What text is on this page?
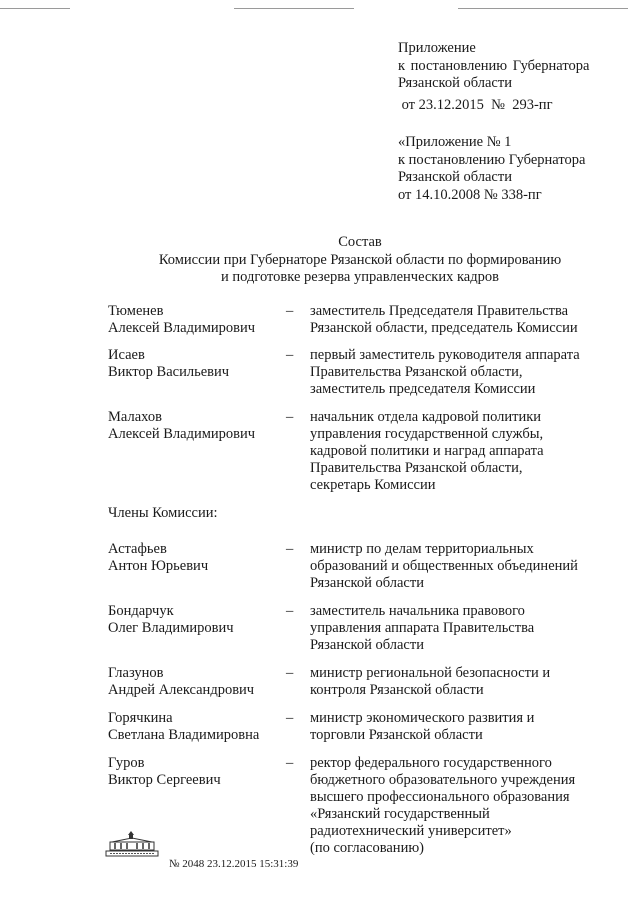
Приложение
к постановлению Губернатора
Рязанской области
от 23.12.2015  №  293-пг
«Приложение № 1
к постановлению Губернатора
Рязанской области
от 14.10.2008 № 338-пг
Состав
Комиссии при Губернаторе Рязанской области по формированию
и подготовке резерва управленческих кадров
Тюменев
Алексей Владимирович
– заместитель Председателя Правительства
Рязанской области, председатель Комиссии
Исаев
Виктор Васильевич
– первый заместитель руководителя аппарата
Правительства Рязанской области,
заместитель председателя Комиссии
Малахов
Алексей Владимирович
– начальник отдела кадровой политики
управления государственной службы,
кадровой политики и наград аппарата
Правительства Рязанской области,
секретарь Комиссии
Члены Комиссии:
Астафьев
Антон Юрьевич
– министр по делам территориальных
образований и общественных объединений
Рязанской области
Бондарчук
Олег Владимирович
– заместитель начальника правового
управления аппарата Правительства
Рязанской области
Глазунов
Андрей Александрович
– министр региональной безопасности и
контроля Рязанской области
Горячкина
Светлана Владимировна
– министр экономического развития и
торговли Рязанской области
Гуров
Виктор Сергеевич
– ректор федерального государственного
бюджетного образовательного учреждения
высшего профессионального образования
«Рязанский государственный
радиотехнический университет»
(по согласованию)
№ 2048 23.12.2015 15:31:39
